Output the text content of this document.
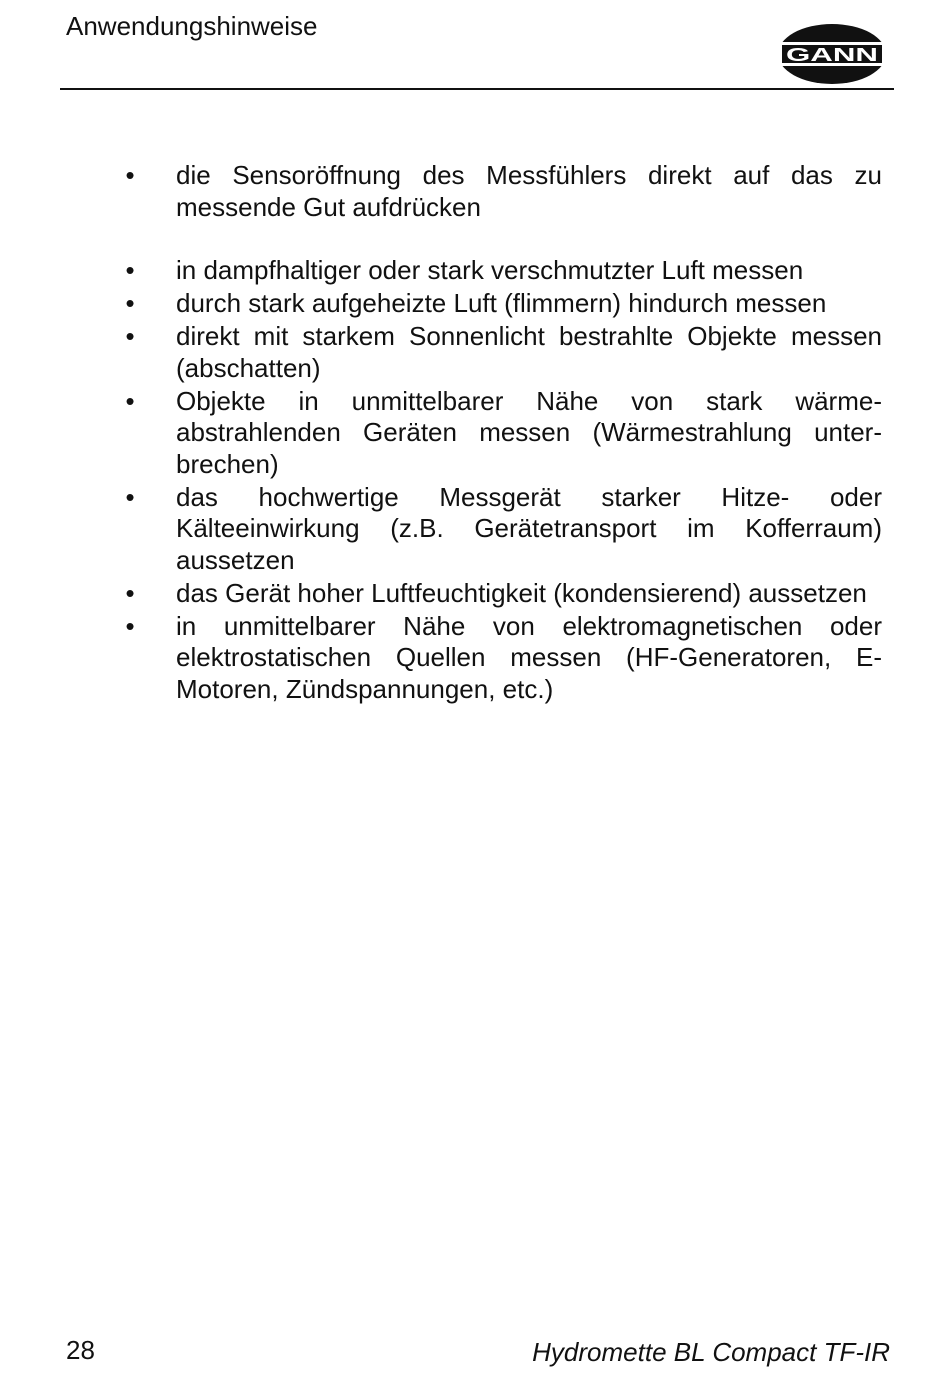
Anwendungshinweise
GANN
• die Sensoröffnung des Messfühlers direkt auf das zu messende Gut aufdrücken
• in dampfhaltiger oder stark verschmutzter Luft messen
• durch stark aufgeheizte Luft (flimmern) hindurch messen
• direkt mit starkem Sonnenlicht bestrahlte Objekte messen (abschatten)
• Objekte in unmittelbarer Nähe von stark wärme-abstrahlenden Geräten messen (Wärmestrahlung unter-brechen)
• das hochwertige Messgerät starker Hitze- oder Kälteeinwirkung (z.B. Gerätetransport im Kofferraum) aussetzen
• das Gerät hoher Luftfeuchtigkeit (kondensierend) aussetzen
• in unmittelbarer Nähe von elektromagnetischen oder elektrostatischen Quellen messen (HF-Generatoren, E-Motoren, Zündspannungen, etc.)
28	Hydromette BL Compact TF-IR
